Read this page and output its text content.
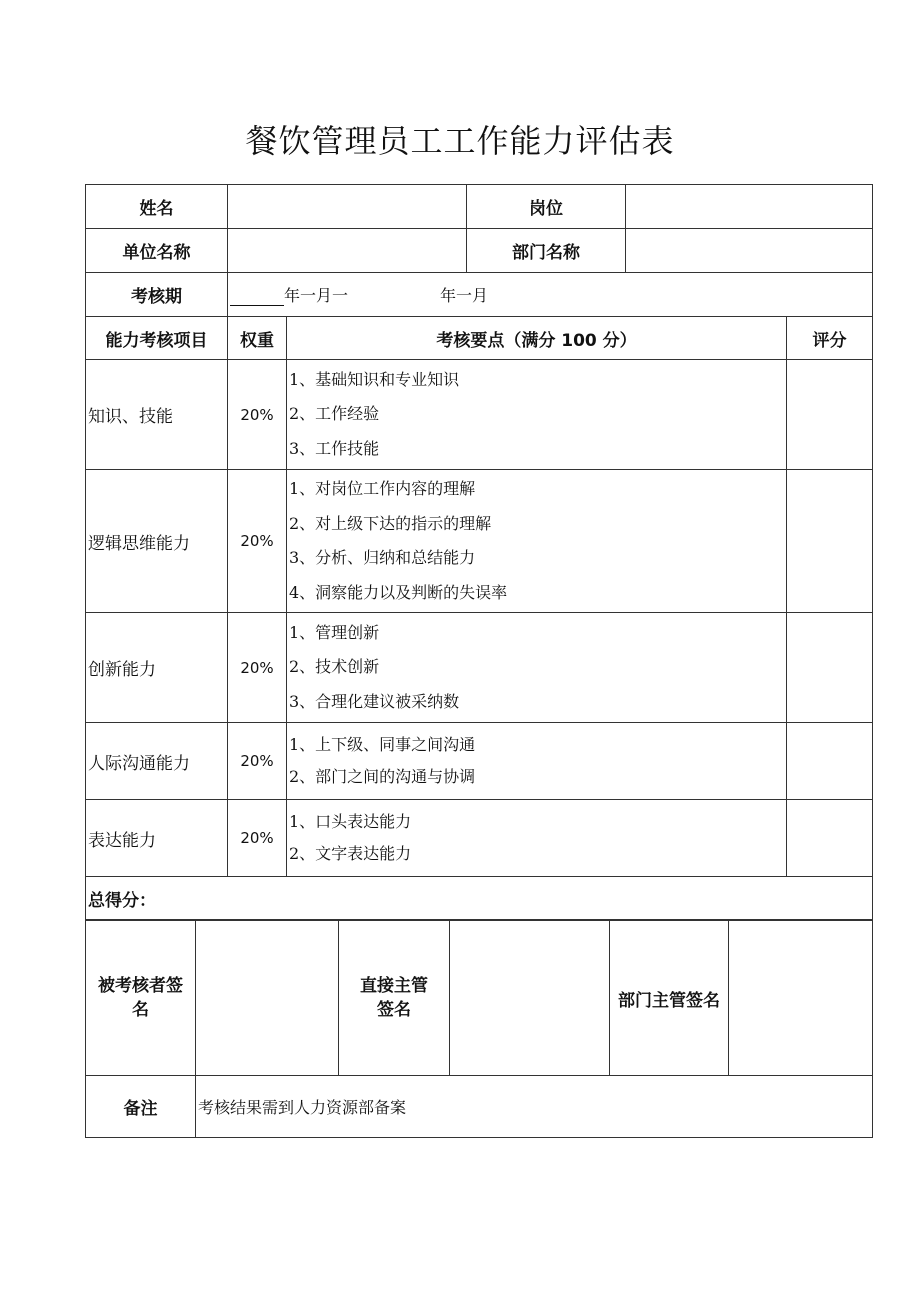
餐饮管理员工工作能力评估表
姓名			岗位		
单位名称			部门名称		
考核期	年一月一 年一月				
能力考核项目	权重	考核要点（满分 100 分）			评分
知识、技能	20%	1、基础知识和专业知识
2、工作经验
3、工作技能			

逻辑思维能力	20%	1、对岗位工作内容的理解
2、对上级下达的指示的理解
3、分析、归纳和总结能力
4、洞察能力以及判断的失误率			

创新能力	20%	1、管理创新
2、技术创新
3、合理化建议被采纳数			

人际沟通能力	20%	1、上下级、同事之间沟通
2、部门之间的沟通与协调			

表达能力	20%	1、口头表达能力
2、文字表达能力			

总得分：					
被考核者签名		直接主管签名		部门主管签名	
备注	考核结果需到人力资源部备案				
